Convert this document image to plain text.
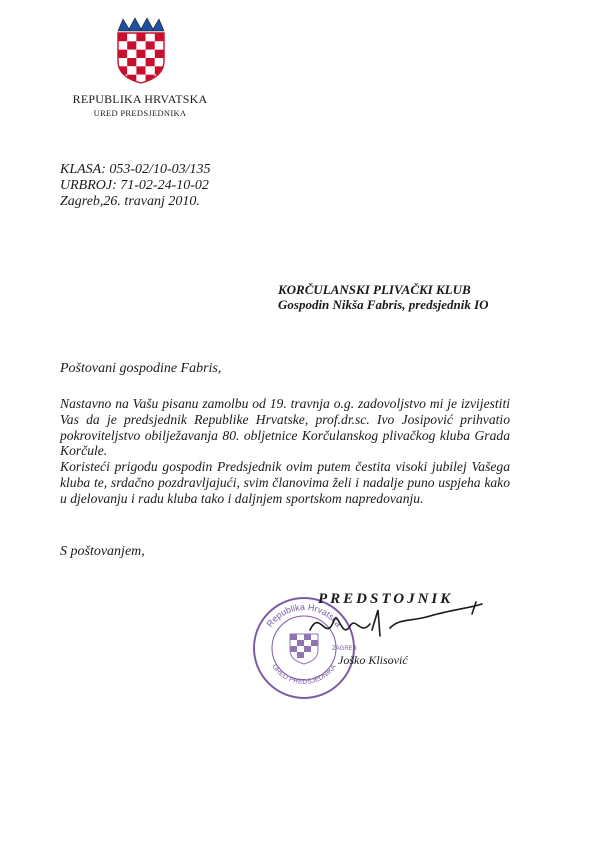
REPUBLIKA HRVATSKA
URED PREDSJEDNIKA
KLASA: 053-02/10-03/135
URBROJ: 71-02-24-10-02
Zagreb,26. travanj 2010.
KORČULANSKI PLIVAČKI KLUB
Gospodin Nikša Fabris, predsjednik IO
Poštovani gospodine Fabris,

Nastavno na Vašu pisanu zamolbu od 19. travnja o.g. zadovoljstvo mi je izvijestiti Vas da je predsjednik Republike Hrvatske, prof.dr.sc. Ivo Josipović prihvatio pokroviteljstvo obilježavanja 80. obljetnice Korčulanskog plivačkog kluba Grada Korčule.

Koristeći prigodu gospodin Predsjednik ovim putem čestita visoki jubilej Vašega kluba te, srdačno pozdravljajući, svim članovima želi i nadalje puno uspjeha kako u djelovanju i radu kluba tako i daljnjem sportskom napredovanju.

S poštovanjem,
Republika Hrvatska
URED PREDSJEDNIKA
ZAGREB
PREDSTOJNIK
Joško Klisović
